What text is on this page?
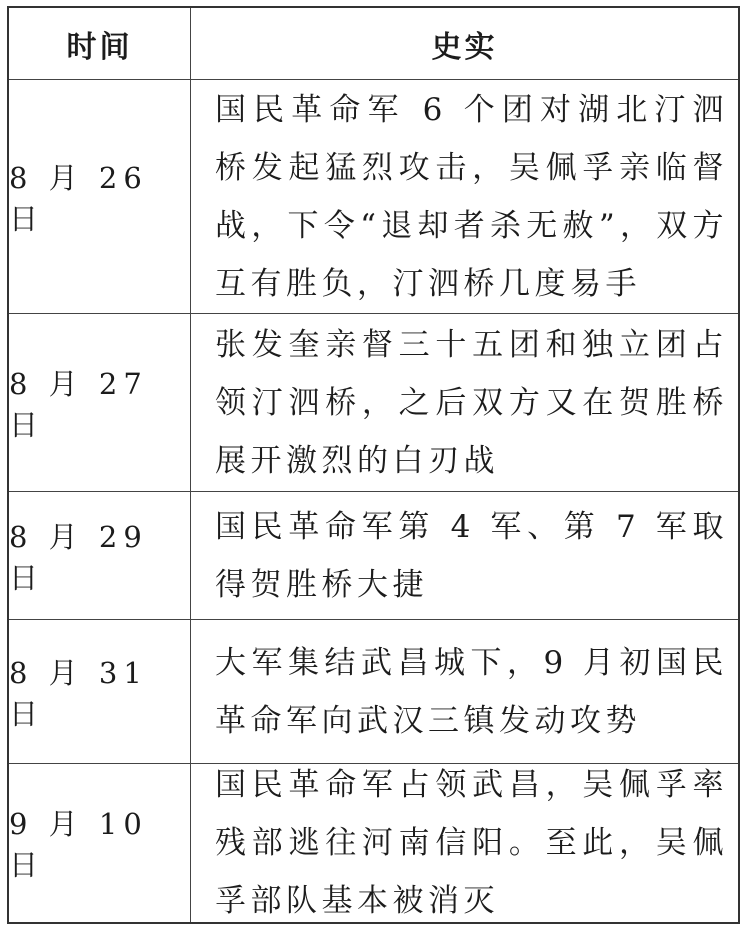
时间	史实
8 月 26 日
国民革命军 6 个团对湖北汀泗桥发起猛烈攻击，吴佩孚亲临督战，下令“退却者杀无赦”，双方互有胜负，汀泗桥几度易手
8 月 27 日
张发奎亲督三十五团和独立团占领汀泗桥，之后双方又在贺胜桥展开激烈的白刃战
8 月 29 日
国民革命军第 4 军、第 7 军取得贺胜桥大捷
8 月 31 日
大军集结武昌城下，9 月初国民革命军向武汉三镇发动攻势
9 月 10 日
国民革命军占领武昌，吴佩孚率残部逃往河南信阳。至此，吴佩孚部队基本被消灭
